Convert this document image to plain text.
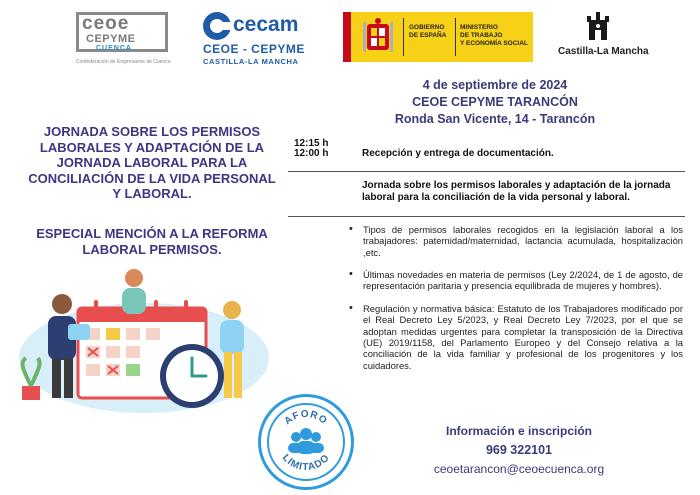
ceoe
CEPYME
CUENCA
Confederación de Empresarios de Cuenca
cecam
CEOE - CEPYME
CASTILLA-LA MANCHA
GOBIERNO
DE ESPAÑA
MINISTERIO
DE TRABAJO
Y ECONOMÍA SOCIAL
Castilla-La Mancha
4 de septiembre de 2024
CEOE CEPYME TARANCÓN
Ronda San Vicente, 14 - Tarancón
JORNADA SOBRE LOS PERMISOS LABORALES Y ADAPTACIÓN DE LA JORNADA LABORAL PARA LA CONCILIACIÓN DE LA VIDA PERSONAL Y LABORAL.
ESPECIAL MENCIÓN A LA REFORMA LABORAL PERMISOS.
12:00 h	Recepción y entrega de documentación.
12:15 h
Jornada sobre los permisos laborales y adaptación de la jornada laboral para la conciliación de la vida personal y laboral.
• Tipos de permisos laborales recogidos en la legislación laboral a los trabajadores: paternidad/maternidad, lactancia acumulada, hospitalización ,etc.
• Últimas novedades en materia de permisos (Ley 2/2024, de 1 de agosto, de representación paritaria y presencia equilibrada de mujeres y hombres).
• Regulación y normativa básica: Estatuto de los Trabajadores modificado por el Real Decreto Ley 5/2023, y Real Decreto Ley 7/2023, por el que se adoptan medidas urgentes para completar la transposición de la Directiva (UE) 2019/1158, del Parlamento Europeo y del Consejo relativa a la conciliación de la vida familiar y profesional de los progenitores y los cuidadores.
AFORO
LIMITADO
Información e inscripción
969 322101
ceoetarancon@ceoecuenca.org
